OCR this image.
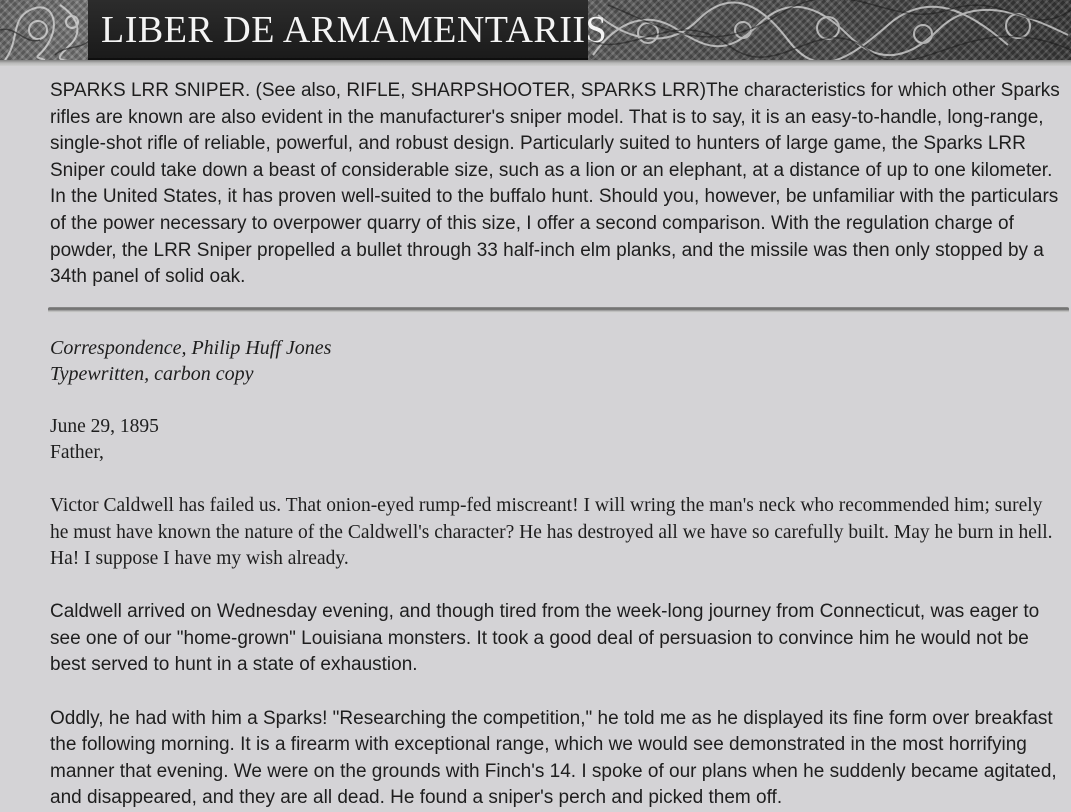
LIBER DE ARMAMENTARIIS

SPARKS LRR SNIPER. (See also, RIFLE, SHARPSHOOTER, SPARKS LRR)The characteristics for which other Sparks rifles are known are also evident in the manufacturer's sniper model. That is to say, it is an easy-to-handle, long-range, single-shot rifle of reliable, powerful, and robust design. Particularly suited to hunters of large game, the Sparks LRR Sniper could take down a beast of considerable size, such as a lion or an elephant, at a distance of up to one kilometer. In the United States, it has proven well-suited to the buffalo hunt. Should you, however, be unfamiliar with the particulars of the power necessary to overpower quarry of this size, I offer a second comparison. With the regulation charge of powder, the LRR Sniper propelled a bullet through 33 half-inch elm planks, and the missile was then only stopped by a 34th panel of solid oak.

Correspondence, Philip Huff Jones
Typewritten, carbon copy
June 29, 1895
Father,

Victor Caldwell has failed us. That onion-eyed rump-fed miscreant! I will wring the man's neck who recommended him; surely he must have known the nature of the Caldwell's character? He has destroyed all we have so carefully built. May he burn in hell. Ha! I suppose I have my wish already.

Caldwell arrived on Wednesday evening, and though tired from the week-long journey from Connecticut, was eager to see one of our "home-grown" Louisiana monsters. It took a good deal of persuasion to convince him he would not be best served to hunt in a state of exhaustion.

Oddly, he had with him a Sparks! "Researching the competition," he told me as he displayed its fine form over breakfast the following morning. It is a firearm with exceptional range, which we would see demonstrated in the most horrifying manner that evening. We were on the grounds with Finch's 14. I spoke of our plans when he suddenly became agitated, and disappeared, and they are all dead. He found a sniper's perch and picked them off.
